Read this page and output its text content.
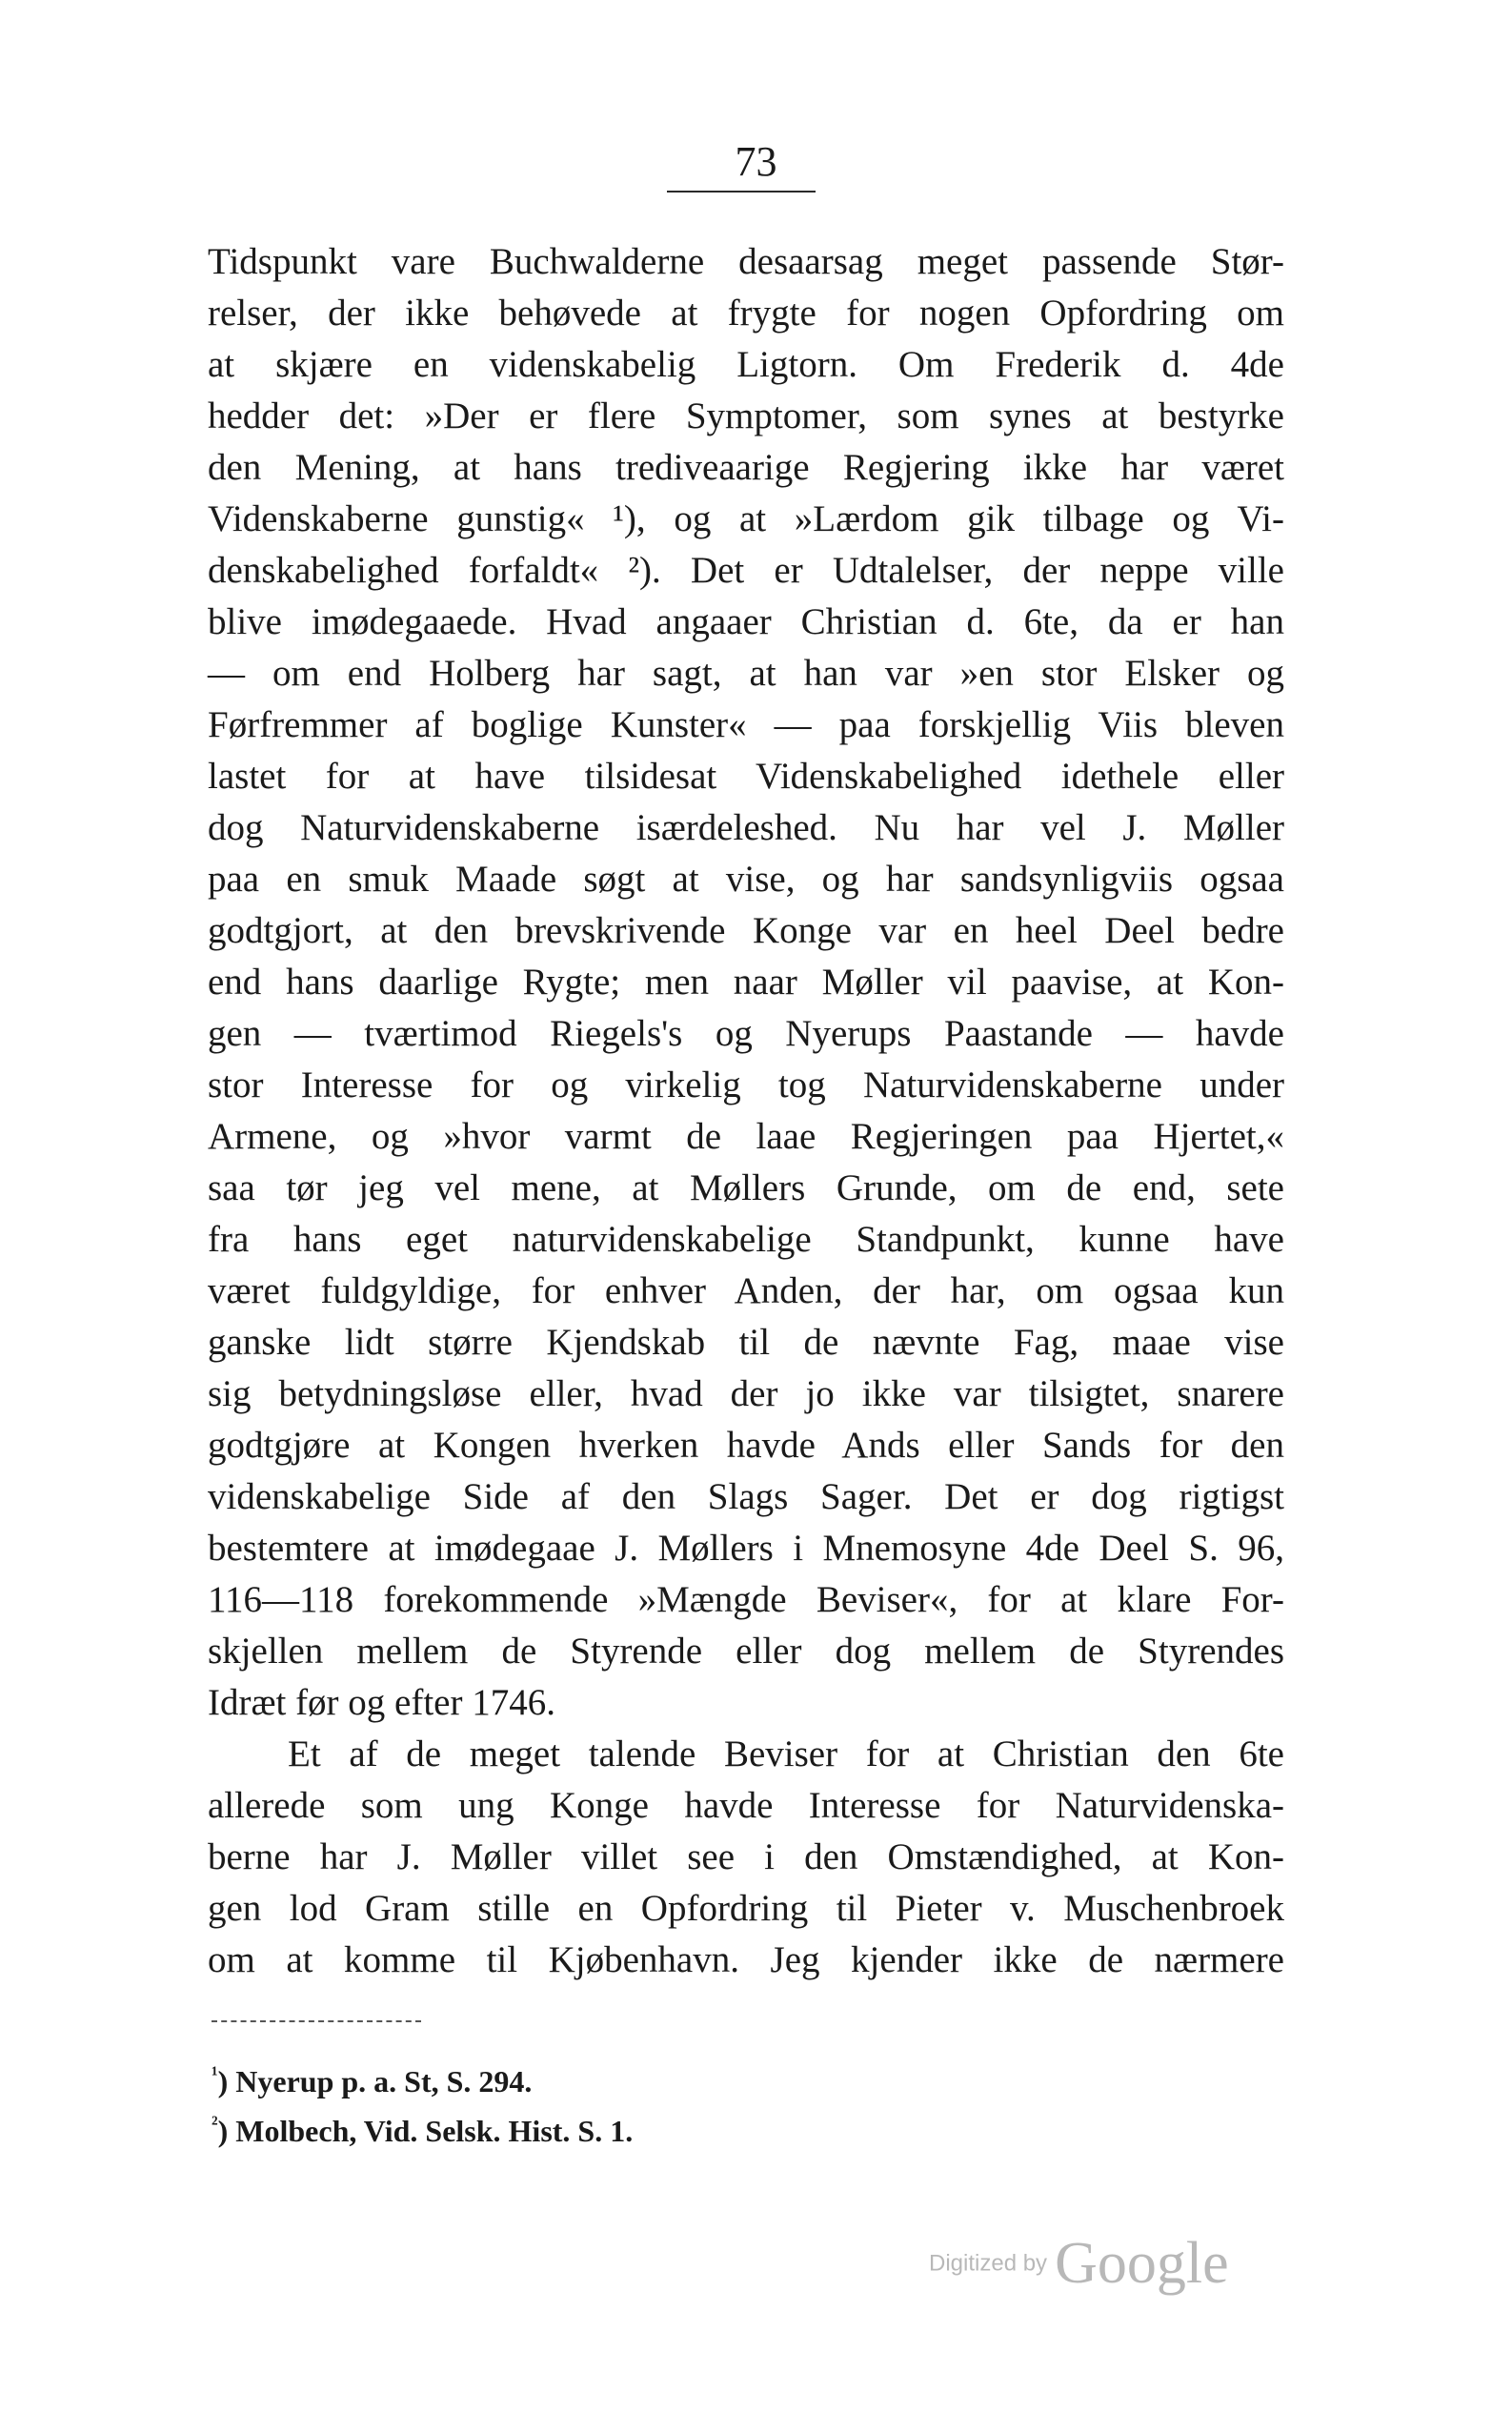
73
Tidspunkt vare Buchwalderne desaarsag meget passende Stør-
relser, der ikke behøvede at frygte for nogen Opfordring om
at skjære en videnskabelig Ligtorn. Om Frederik d. 4de
hedder det: »Der er flere Symptomer, som synes at bestyrke
den Mening, at hans trediveaarige Regjering ikke har været
Videnskaberne gunstig« ¹), og at »Lærdom gik tilbage og Vi-
denskabelighed forfaldt« ²). Det er Udtalelser, der neppe ville
blive imødegaaede. Hvad angaaer Christian d. 6te, da er han
— om end Holberg har sagt, at han var »en stor Elsker og
Førfremmer af boglige Kunster« — paa forskjellig Viis bleven
lastet for at have tilsidesat Videnskabelighed idethele eller
dog Naturvidenskaberne isærdeleshed. Nu har vel J. Møller
paa en smuk Maade søgt at vise, og har sandsynligviis ogsaa
godtgjort, at den brevskrivende Konge var en heel Deel bedre
end hans daarlige Rygte; men naar Møller vil paavise, at Kon-
gen — tværtimod Riegels's og Nyerups Paastande — havde
stor Interesse for og virkelig tog Naturvidenskaberne under
Armene, og »hvor varmt de laae Regjeringen paa Hjertet,«
saa tør jeg vel mene, at Møllers Grunde, om de end, sete
fra hans eget naturvidenskabelige Standpunkt, kunne have
været fuldgyldige, for enhver Anden, der har, om ogsaa kun
ganske lidt større Kjendskab til de nævnte Fag, maae vise
sig betydningsløse eller, hvad der jo ikke var tilsigtet, snarere
godtgjøre at Kongen hverken havde Ands eller Sands for den
videnskabelige Side af den Slags Sager. Det er dog rigtigst
bestemtere at imødegaae J. Møllers i Mnemosyne 4de Deel S. 96,
116—118 forekommende »Mængde Beviser«, for at klare For-
skjellen mellem de Styrende eller dog mellem de Styrendes
Idræt før og efter 1746.
Et af de meget talende Beviser for at Christian den 6te
allerede som ung Konge havde Interesse for Naturvidenska-
berne har J. Møller villet see i den Omstændighed, at Kon-
gen lod Gram stille en Opfordring til Pieter v. Muschenbroek
om at komme til Kjøbenhavn. Jeg kjender ikke de nærmere
$^{^1}$) Nyerup p. a. St, S. 294.
$^{^2}$) Molbech, Vid. Selsk. Hist. S. 1.
Digitized by Google
